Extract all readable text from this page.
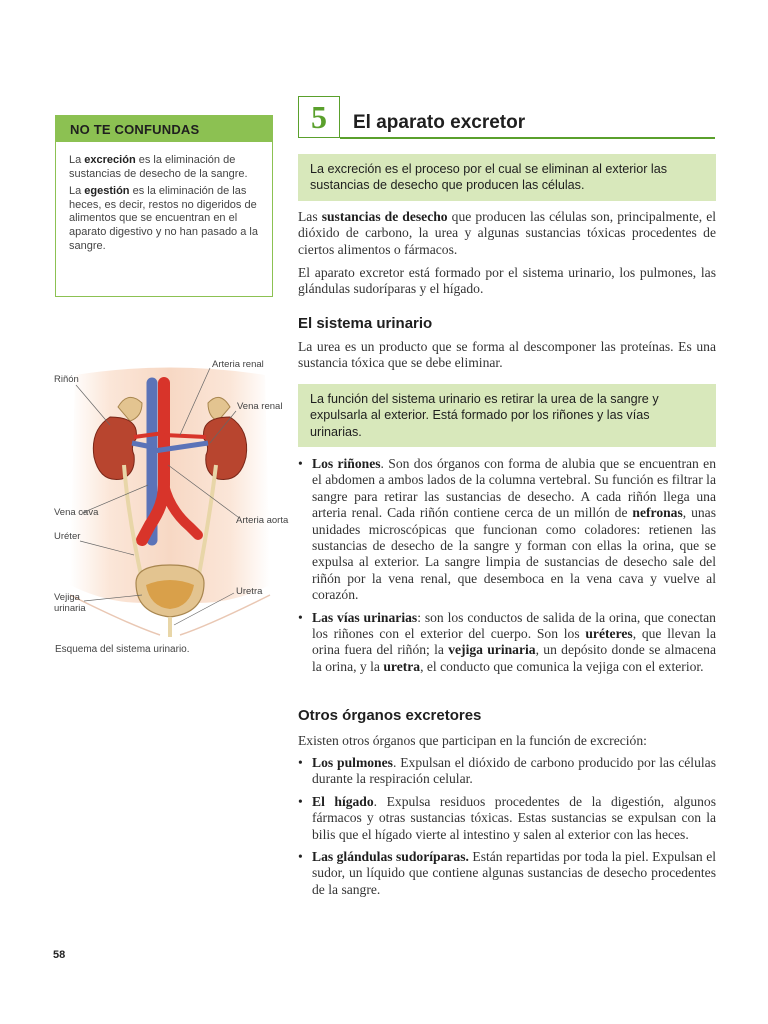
NO TE CONFUNDAS

La excreción es la eliminación de sustancias de desecho de la sangre.

La egestión es la eliminación de las heces, es decir, restos no digeridos de alimentos que se encuentran en el aparato digestivo y no han pasado a la sangre.

5	El aparato excretor
La excreción es el proceso por el cual se eliminan al exterior las sustancias de desecho que producen las células.

Las sustancias de desecho que producen las células son, principalmente, el dióxido de carbono, la urea y algunas sustancias tóxicas procedentes de ciertos alimentos o fármacos.

El aparato excretor está formado por el sistema urinario, los pulmones, las glándulas sudoríparas y el hígado.

El sistema urinario

La urea es un producto que se forma al descomponer las proteínas. Es una sustancia tóxica que se debe eliminar.

La función del sistema urinario es retirar la urea de la sangre y expulsarla al exterior. Está formado por los riñones y las vías urinarias.
• Los riñones. Son dos órganos con forma de alubia que se encuentran en el abdomen a ambos lados de la columna vertebral. Su función es filtrar la sangre para retirar las sustancias de desecho. A cada riñón llega una arteria renal. Cada riñón contiene cerca de un millón de nefronas, unas unidades microscópicas que funcionan como coladores: retienen las sustancias de desecho de la sangre y forman con ellas la orina, que se expulsa al exterior. La sangre limpia de sustancias de desecho sale del riñón por la vena renal, que desemboca en la vena cava y vuelve al corazón.
• Las vías urinarias: son los conductos de salida de la orina, que conectan los riñones con el exterior del cuerpo. Son los uréteres, que llevan la orina fuera del riñón; la vejiga urinaria, un depósito donde se almacena la orina, y la uretra, el conducto que comunica la vejiga con el exterior.
Otros órganos excretores

Existen otros órganos que participan en la función de excreción:

• Los pulmones. Expulsan el dióxido de carbono producido por las células durante la respiración celular.
• El hígado. Expulsa residuos procedentes de la digestión, algunos fármacos y otras sustancias tóxicas. Estas sustancias se expulsan con la bilis que el hígado vierte al intestino y salen al exterior con las heces.
• Las glándulas sudoríparas. Están repartidas por toda la piel. Expulsan el sudor, un líquido que contiene algunas sustancias de desecho procedentes de la sangre.
Arteria renal
Riñón
Vena renal
Vena cava
Arteria aorta
Uréter
Uretra
Vejiga
urinaria
Esquema del sistema urinario.
58
